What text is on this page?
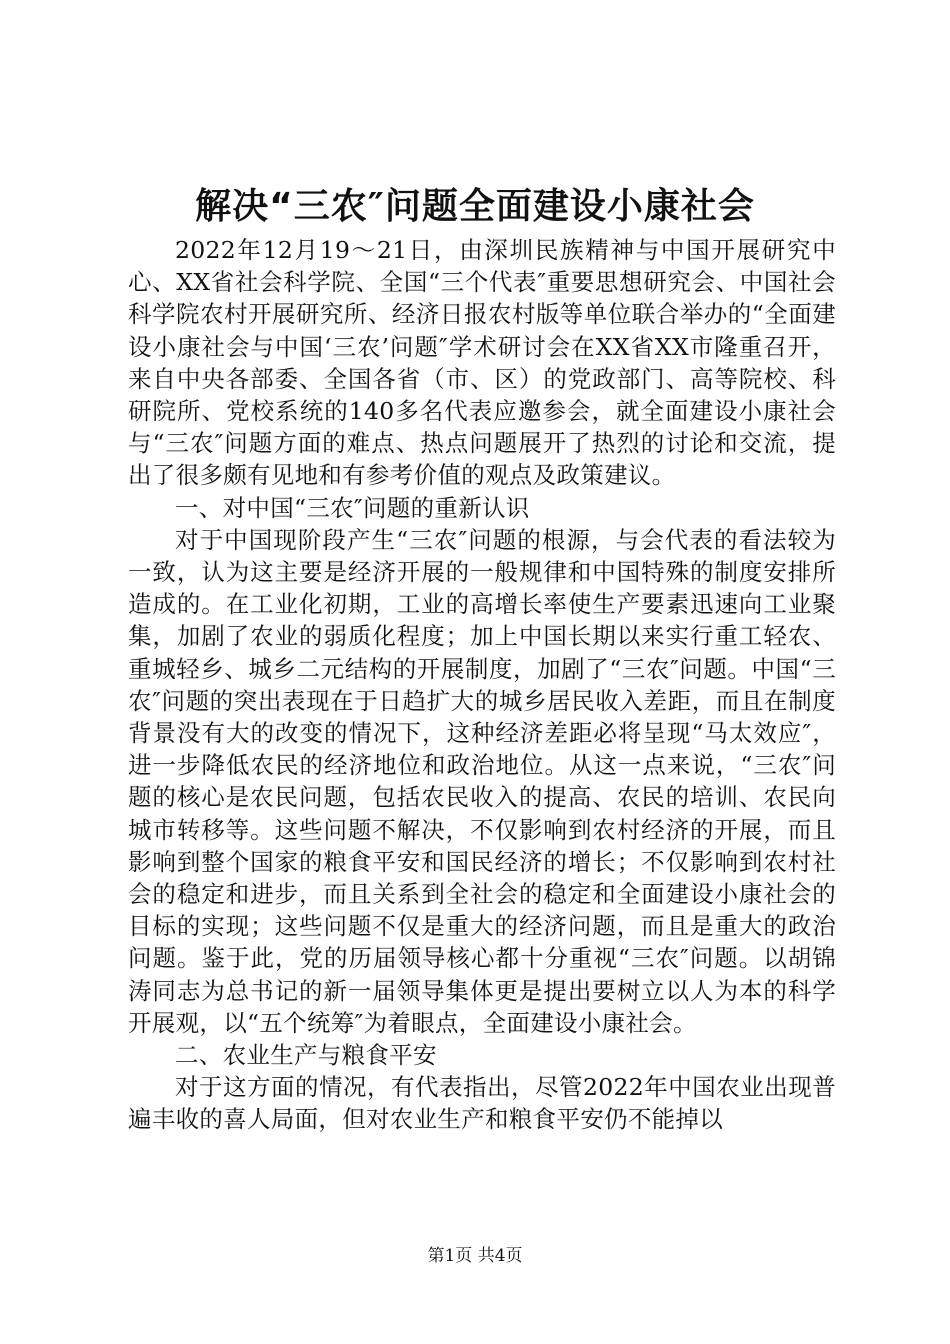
解决“三农″问题全面建设小康社会

2022年12月19～21日，由深圳民族精神与中国开展研究中心、XX省社会科学院、全国“三个代表″重要思想研究会、中国社会科学院农村开展研究所、经济日报农村版等单位联合举办的“全面建设小康社会与中国‘三农’问题″学术研讨会在XX省XX市隆重召开，来自中央各部委、全国各省（市、区）的党政部门、高等院校、科研院所、党校系统的140多名代表应邀参会，就全面建设小康社会与“三农″问题方面的难点、热点问题展开了热烈的讨论和交流，提出了很多颇有见地和有参考价值的观点及政策建议。

一、对中国“三农″问题的重新认识

对于中国现阶段产生“三农″问题的根源，与会代表的看法较为一致，认为这主要是经济开展的一般规律和中国特殊的制度安排所造成的。在工业化初期，工业的高增长率使生产要素迅速向工业聚集，加剧了农业的弱质化程度；加上中国长期以来实行重工轻农、重城轻乡、城乡二元结构的开展制度，加剧了“三农″问题。中国“三农″问题的突出表现在于日趋扩大的城乡居民收入差距，而且在制度背景没有大的改变的情况下，这种经济差距必将呈现“马太效应″，进一步降低农民的经济地位和政治地位。从这一点来说，“三农″问题的核心是农民问题，包括农民收入的提高、农民的培训、农民向城市转移等。这些问题不解决，不仅影响到农村经济的开展，而且影响到整个国家的粮食平安和国民经济的增长；不仅影响到农村社会的稳定和进步，而且关系到全社会的稳定和全面建设小康社会的目标的实现；这些问题不仅是重大的经济问题，而且是重大的政治问题。鉴于此，党的历届领导核心都十分重视“三农″问题。以胡锦涛同志为总书记的新一届领导集体更是提出要树立以人为本的科学开展观，以“五个统筹″为着眼点，全面建设小康社会。

二、农业生产与粮食平安

对于这方面的情况，有代表指出，尽管2022年中国农业出现普遍丰收的喜人局面，但对农业生产和粮食平安仍不能掉以

第1页 共4页
